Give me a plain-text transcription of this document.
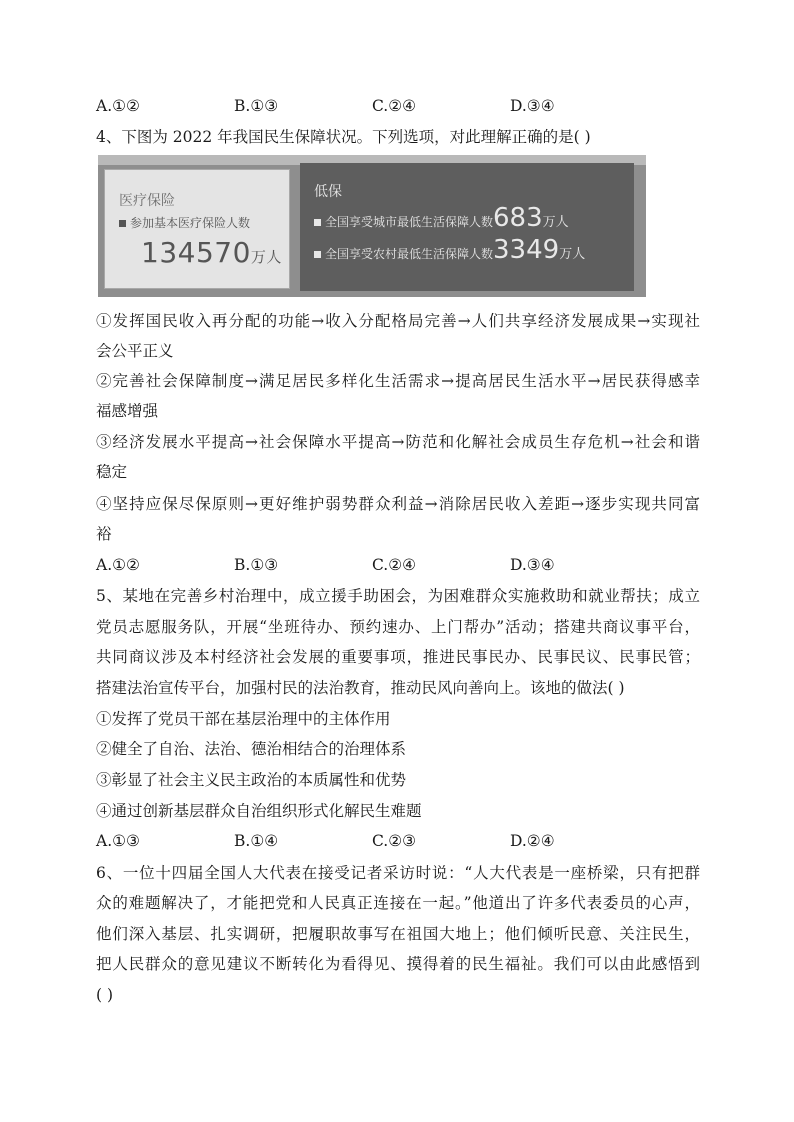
A.①②	B.①③	C.②④	D.③④
4、下图为 2022 年我国民生保障状况。下列选项，对此理解正确的是( )
医疗保险
参加基本医疗保险人数
134570万人
低保
全国享受城市最低生活保障人数683万人
全国享受农村最低生活保障人数3349万人
①发挥国民收入再分配的功能→收入分配格局完善→人们共享经济发展成果→实现社
会公平正义
②完善社会保障制度→满足居民多样化生活需求→提高居民生活水平→居民获得感幸
福感增强
③经济发展水平提高→社会保障水平提高→防范和化解社会成员生存危机→社会和谐
稳定
④坚持应保尽保原则→更好维护弱势群众利益→消除居民收入差距→逐步实现共同富
裕
A.①②	B.①③	C.②④	D.③④
5、某地在完善乡村治理中，成立援手助困会，为困难群众实施救助和就业帮扶；成立
党员志愿服务队，开展“坐班待办、预约速办、上门帮办”活动；搭建共商议事平台，
共同商议涉及本村经济社会发展的重要事项，推进民事民办、民事民议、民事民管；
搭建法治宣传平台，加强村民的法治教育，推动民风向善向上。该地的做法( )
①发挥了党员干部在基层治理中的主体作用
②健全了自治、法治、德治相结合的治理体系
③彰显了社会主义民主政治的本质属性和优势
④通过创新基层群众自治组织形式化解民生难题
A.①③	B.①④	C.②③	D.②④
6、一位十四届全国人大代表在接受记者采访时说：“人大代表是一座桥梁，只有把群
众的难题解决了，才能把党和人民真正连接在一起。”他道出了许多代表委员的心声，
他们深入基层、扎实调研，把履职故事写在祖国大地上；他们倾听民意、关注民生，
把人民群众的意见建议不断转化为看得见、摸得着的民生福祉。我们可以由此感悟到
( )
